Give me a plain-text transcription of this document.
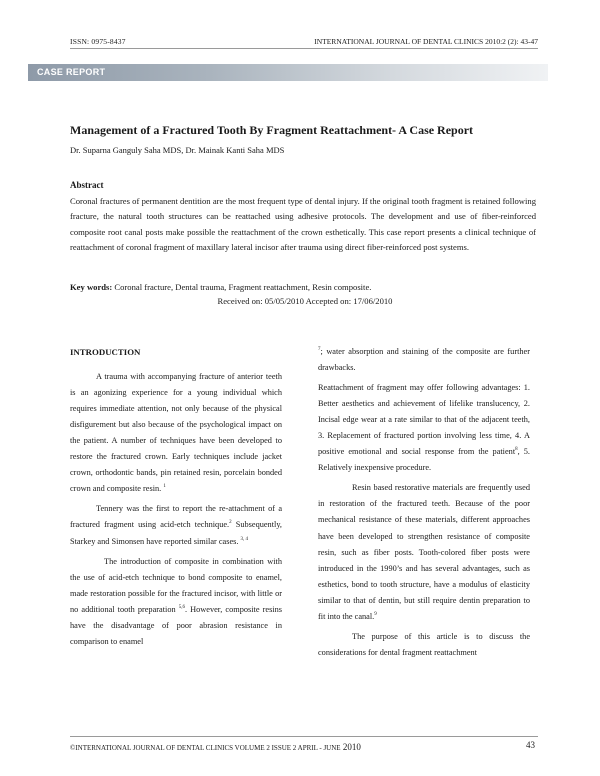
ISSN: 0975-8437	INTERNATIONAL JOURNAL OF DENTAL CLINICS 2010:2 (2): 43-47
CASE REPORT
Management of a Fractured Tooth By Fragment Reattachment- A Case Report
Dr. Suparna Ganguly Saha MDS, Dr. Mainak Kanti Saha MDS
Abstract
Coronal fractures of permanent dentition are the most frequent type of dental injury. If the original tooth fragment is retained following fracture, the natural tooth structures can be reattached using adhesive protocols. The development and use of fiber-reinforced composite root canal posts make possible the reattachment of the crown esthetically. This case report presents a clinical technique of reattachment of coronal fragment of maxillary lateral incisor after trauma using direct fiber-reinforced post systems.
Key words: Coronal fracture, Dental trauma, Fragment reattachment, Resin composite.
Received on: 05/05/2010 Accepted on: 17/06/2010
INTRODUCTION

A trauma with accompanying fracture of anterior teeth is an agonizing experience for a young individual which requires immediate attention, not only because of the physical disfigurement but also because of the psychological impact on the patient. A number of techniques have been developed to restore the fractured crown. Early techniques include jacket crown, orthodontic bands, pin retained resin, porcelain bonded crown and composite resin. $^1$

Tennery was the first to report the re-attachment of a fractured fragment using acid-etch technique.$^2$ Subsequently, Starkey and Simonsen have reported similar cases. $^{3, 4}$

The introduction of composite in combination with the use of acid-etch technique to bond composite to enamel, made restoration possible for the fractured incisor, with little or no additional tooth preparation $^{5,6}$. However, composite resins have the disadvantage of poor abrasion resistance in comparison to enamel

$^7$; water absorption and staining of the composite are further drawbacks.

Reattachment of fragment may offer following advantages: 1. Better aesthetics and achievement of lifelike translucency, 2. Incisal edge wear at a rate similar to that of the adjacent teeth, 3. Replacement of fractured portion involving less time, 4. A positive emotional and social response from the patient$^8$, 5. Relatively inexpensive procedure.

Resin based restorative materials are frequently used in restoration of the fractured teeth. Because of the poor mechanical resistance of these materials, different approaches have been developed to strengthen resistance of composite resin, such as fiber posts. Tooth-colored fiber posts were introduced in the 1990’s and has several advantages, such as esthetics, bond to tooth structure, have a modulus of elasticity similar to that of dentin, but still require dentin preparation to fit into the canal.$^9$

The purpose of this article is to discuss the considerations for dental fragment reattachment

©INTERNATIONAL JOURNAL OF DENTAL CLINICS VOLUME 2 ISSUE 2 APRIL - JUNE 2010	43
